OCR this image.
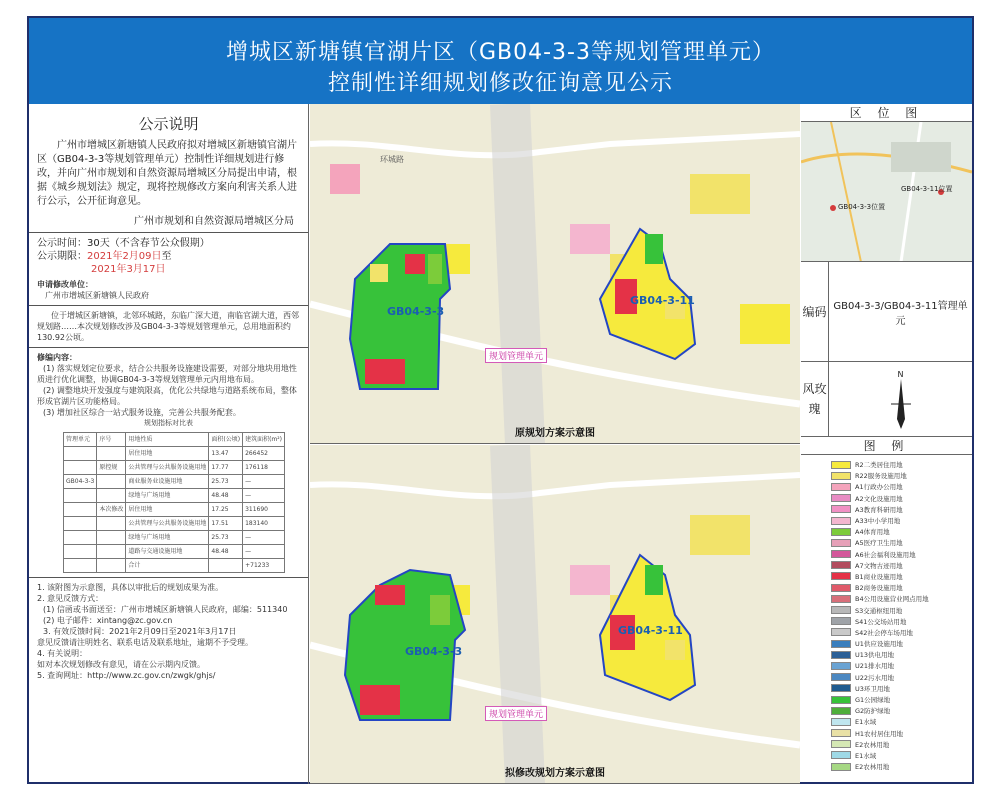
增城区新塘镇官湖片区（GB04-3-3等规划管理单元）
控制性详细规划修改征询意见公示
公示说明
广州市增城区新塘镇人民政府拟对增城区新塘镇官湖片区（GB04-3-3等规划管理单元）控制性详细规划进行修改，并向广州市规划和自然资源局增城区分局提出申请，根据《城乡规划法》规定，现将控规修改方案向利害关系人进行公示，公开征询意见。
广州市规划和自然资源局增城区分局
公示时间：30天（不含春节公众假期）
公示期限：2021年2月09日至
2021年3月17日
申请修改单位：
广州市增城区新塘镇人民政府
位于增城区新塘镇，北邻环城路，东临广深大道，南临官湖大道，西邻规划路……本次规划修改涉及GB04-3-3等规划管理单元，总用地面积约130.92公顷。
修编内容：
(1) 落实规划定位要求，结合公共服务设施建设需要，对部分地块用地性质进行优化调整，协调GB04-3-3等规划管理单元内用地布局。
(2) 调整地块开发强度与建筑限高，优化公共绿地与道路系统布局，整体形成官湖片区功能格局。
(3) 增加社区综合一站式服务设施，完善公共服务配套。
规划指标对比表
管理单元	序号	用地性质	面积(公顷)	建筑面积(m²)
		居住用地	13.47	266452
	原控规	公共管理与公共服务设施用地	17.77	176118
GB04-3-3		商业服务业设施用地	25.73	—
		绿地与广场用地	48.48	—
	本次修改	居住用地	17.25	311690
		公共管理与公共服务设施用地	17.51	183140
		绿地与广场用地	25.73	—
		道路与交通设施用地	48.48	—
		合计		+71233
1. 该附图为示意图，具体以审批后的规划成果为准。
2. 意见反馈方式：
(1) 信函或书面送至：广州市增城区新塘镇人民政府，邮编：511340
(2) 电子邮件：xintang@zc.gov.cn
3. 有效反馈时间：2021年2月09日至2021年3月17日
意见反馈请注明姓名、联系电话及联系地址，逾期不予受理。
4. 有关说明：
如对本次规划修改有意见，请在公示期内反馈。
5. 查询网址：http://www.zc.gov.cn/zwgk/ghjs/
GB04-3-3
GB04-3-11
规划管理单元
环城路
原规划方案示意图
GB04-3-3
GB04-3-11
规划管理单元
拟修改规划方案示意图
区 位 图
GB04-3-11位置
GB04-3-3位置
编码 GB04-3-3/GB04-3-11管理单元
风玫瑰
N
图 例
R2二类居住用地
R22服务设施用地
A1行政办公用地
A2文化设施用地
A3教育科研用地
A33中小学用地
A4体育用地
A5医疗卫生用地
A6社会福利设施用地
A7文物古迹用地
B1商业设施用地
B2商务设施用地
B4公用设施营业网点用地
S3交通枢纽用地
S41公交场站用地
S42社会停车场用地
U1供应设施用地
U13供电用地
U21排水用地
U22污水用地
U3环卫用地
G1公园绿地
G2防护绿地
E1水域
H1农村居住用地
E2农林用地
E1水域
E2农林用地
